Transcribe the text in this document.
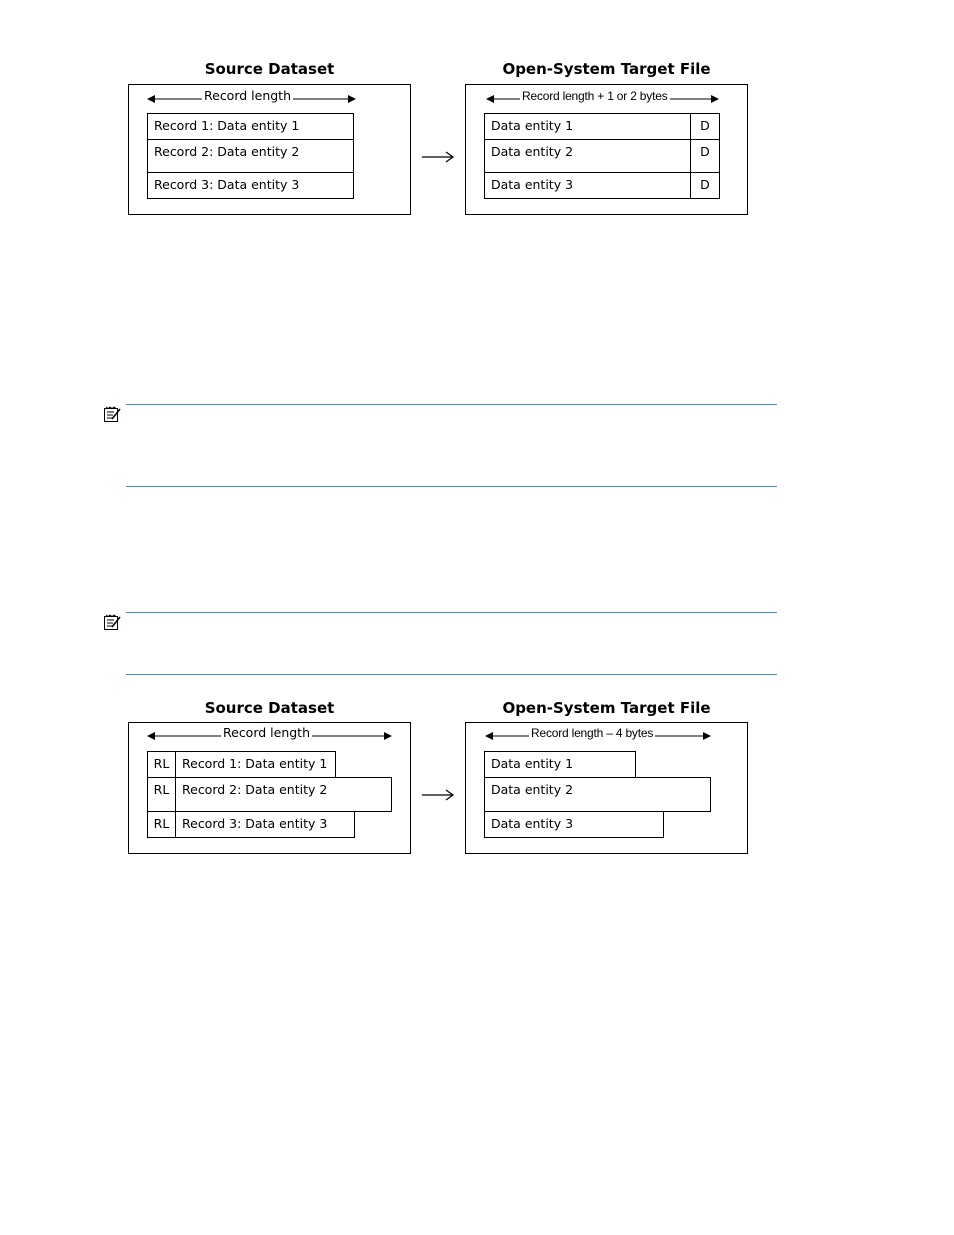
Source Dataset
Record length
Record 1: Data entity 1
Record 2: Data entity 2
Record 3: Data entity 3
Open-System Target File
Record length + 1 or 2 bytes
Data entity 1	D
Data entity 2	D
Data entity 3	D
Source Dataset
Record length
RL	Record 1: Data entity 1
RL	Record 2: Data entity 2
RL	Record 3: Data entity 3
Open-System Target File
Record length – 4 bytes
Data entity 1
Data entity 2
Data entity 3
